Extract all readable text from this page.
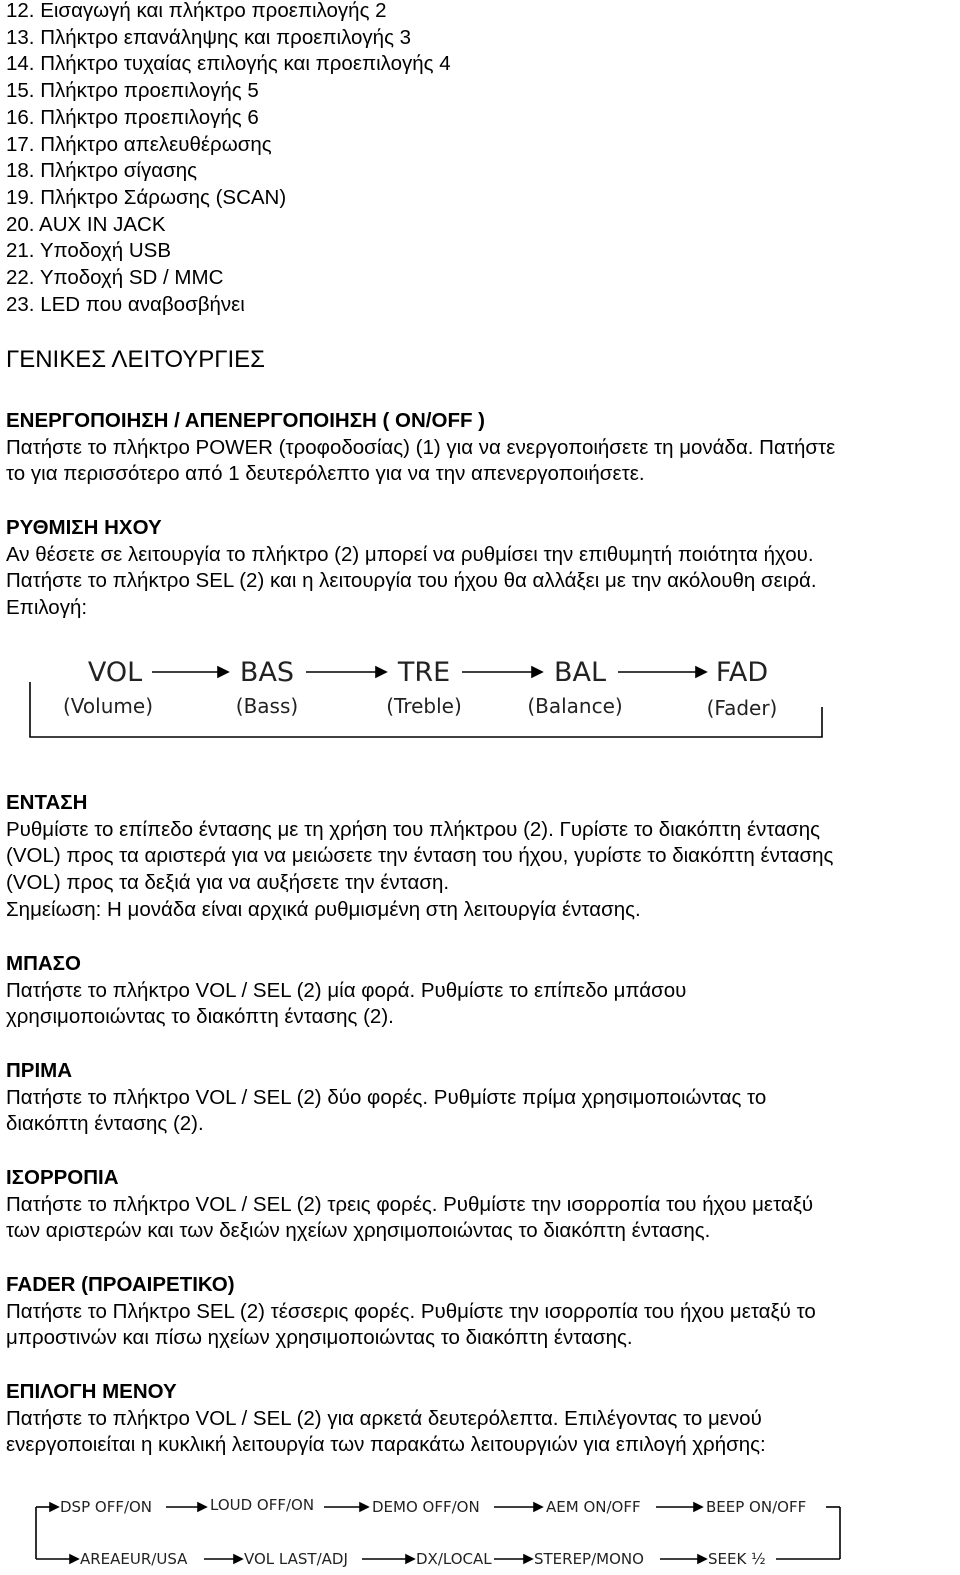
12. Εισαγωγή και πλήκτρο προεπιλογής 2

13. Πλήκτρο επανάληψης και προεπιλογής 3

14. Πλήκτρο τυχαίας επιλογής και προεπιλογής 4

15. Πλήκτρο προεπιλογής 5

16. Πλήκτρο προεπιλογής 6

17. Πλήκτρο απελευθέρωσης

18. Πλήκτρο σίγασης

19. Πλήκτρο Σάρωσης (SCAN)

20. AUX IN JACK

21. Υποδοχή USB

22. Υποδοχή SD / MMC

23. LED που αναβοσβήνει

ΓΕΝΙΚΕΣ ΛΕΙΤΟΥΡΓΙΕΣ

ΕΝΕΡΓΟΠΟΙΗΣΗ / ΑΠΕΝΕΡΓΟΠΟΙΗΣΗ ( ON/OFF )

Πατήστε το πλήκτρο POWER (τροφοδοσίας) (1) για να ενεργοποιήσετε τη μονάδα. Πατήστε

το για περισσότερο από 1 δευτερόλεπτο για να την απενεργοποιήσετε.

ΡΥΘΜΙΣΗ ΗΧΟΥ

Αν θέσετε σε λειτουργία το πλήκτρο (2) μπορεί να ρυθμίσει την επιθυμητή ποιότητα ήχου.

Πατήστε το πλήκτρο SEL (2) και η λειτουργία του ήχου θα αλλάξει με την ακόλουθη σειρά.

Επιλογή:

VOL
(Volume)
BAS
(Bass)
TRE
(Treble)
BAL
(Balance)
FAD
(Fader)

ΕΝΤΑΣΗ

Ρυθμίστε το επίπεδο έντασης με τη χρήση του πλήκτρου (2). Γυρίστε το διακόπτη έντασης

(VOL) προς τα αριστερά για να μειώσετε την ένταση του ήχου, γυρίστε το διακόπτη έντασης

(VOL) προς τα δεξιά για να αυξήσετε την ένταση.

Σημείωση: Η μονάδα είναι αρχικά ρυθμισμένη στη λειτουργία έντασης.

ΜΠΑΣΟ

Πατήστε το πλήκτρο VOL / SEL (2) μία φορά. Ρυθμίστε το επίπεδο μπάσου

χρησιμοποιώντας το διακόπτη έντασης (2).

ΠΡΙΜΑ

Πατήστε το πλήκτρο VOL / SEL (2) δύο φορές. Ρυθμίστε πρίμα χρησιμοποιώντας το

διακόπτη έντασης (2).

ΙΣΟΡΡΟΠΙΑ

Πατήστε το πλήκτρο VOL / SEL (2) τρεις φορές. Ρυθμίστε την ισορροπία του ήχου μεταξύ

των αριστερών και των δεξιών ηχείων χρησιμοποιώντας το διακόπτη έντασης.

FADER (ΠΡΟΑΙΡΕΤΙΚΟ)

Πατήστε το Πλήκτρο SEL (2) τέσσερις φορές. Ρυθμίστε την ισορροπία του ήχου μεταξύ το

μπροστινών και πίσω ηχείων χρησιμοποιώντας το διακόπτη έντασης.

ΕΠΙΛΟΓΗ ΜΕΝΟΥ

Πατήστε το πλήκτρο VOL / SEL (2) για αρκετά δευτερόλεπτα. Επιλέγοντας το μενού

ενεργοποιείται η κυκλική λειτουργία των παρακάτω λειτουργιών για επιλογή χρήσης:

DSP OFF/ON	LOUD OFF/ON	DEMO OFF/ON	AEM ON/OFF	BEEP ON/OFF
AREAEUR/USA	VOL LAST/ADJ	DX/LOCAL	STEREP/MONO	SEEK ½
